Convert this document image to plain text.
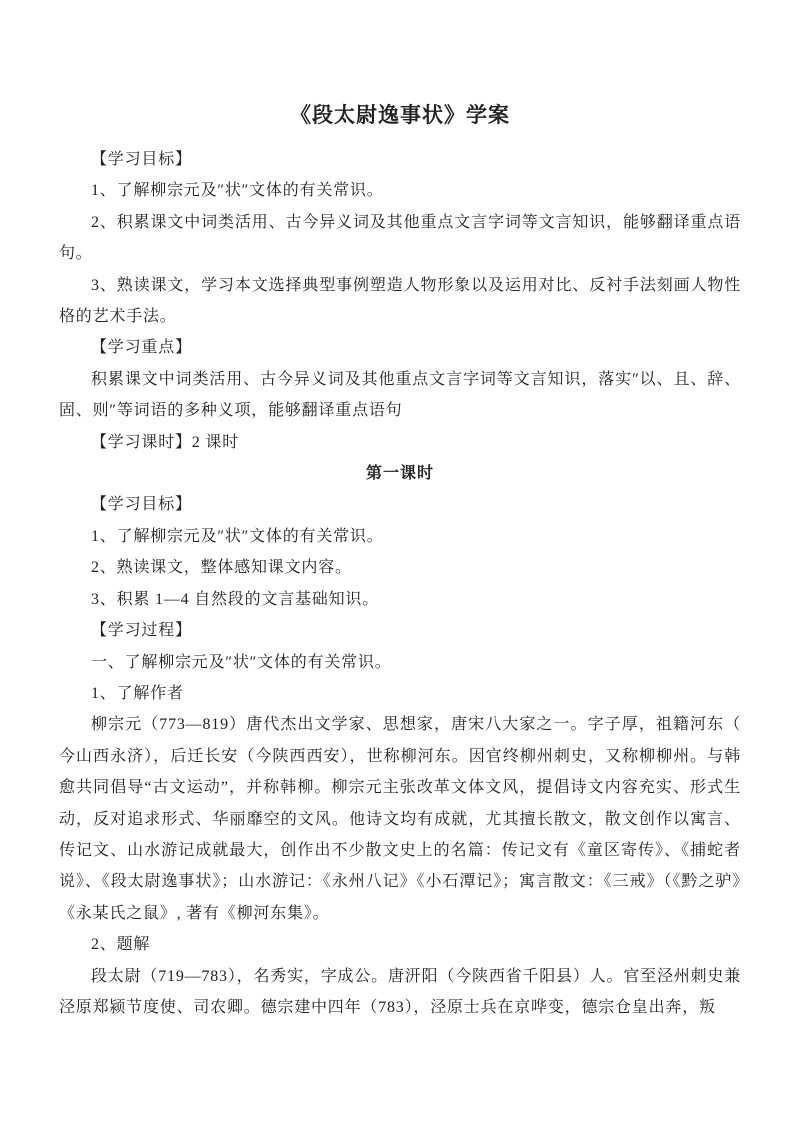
《段太尉逸事状》学案

【学习目标】

1、了解柳宗元及″状″文体的有关常识。

2、积累课文中词类活用、古今异义词及其他重点文言字词等文言知识，能够翻译重点语句。

3、熟读课文，学习本文选择典型事例塑造人物形象以及运用对比、反衬手法刻画人物性格的艺术手法。

【学习重点】

积累课文中词类活用、古今异义词及其他重点文言字词等文言知识，落实″以、且、辞、固、则″等词语的多种义项，能够翻译重点语句

【学习课时】2 课时

第一课时

【学习目标】

1、了解柳宗元及″状″文体的有关常识。

2、熟读课文，整体感知课文内容。

3、积累 1—4 自然段的文言基础知识。

【学习过程】

一、了解柳宗元及″状″文体的有关常识。

1、了解作者

柳宗元（773—819）唐代杰出文学家、思想家，唐宋八大家之一。字子厚，祖籍河东（今山西永济），后迁长安（今陕西西安），世称柳河东。因官终柳州刺史，又称柳柳州。与韩愈共同倡导“古文运动”，并称韩柳。柳宗元主张改革文体文风，提倡诗文内容充实、形式生动，反对追求形式、华丽靡空的文风。他诗文均有成就，尤其擅长散文，散文创作以寓言、传记文、山水游记成就最大，创作出不少散文史上的名篇：传记文有《童区寄传》、《捕蛇者说》、《段太尉逸事状》；山水游记：《永州八记》《小石潭记》；寓言散文：《三戒》（《黔之驴》《永某氏之鼠》, 著有《柳河东集》。

2、题解

段太尉（719—783），名秀实，字成公。唐汧阳（今陕西省千阳县）人。官至泾州刺史兼泾原郑颍节度使、司农卿。德宗建中四年（783），泾原士兵在京哗变，德宗仓皇出奔，叛
